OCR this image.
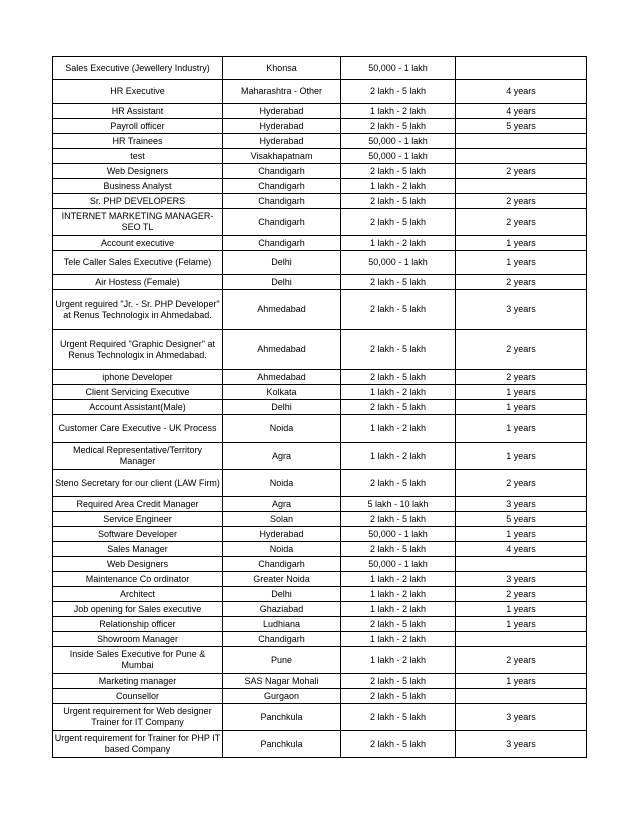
Sales Executive (Jewellery Industry)	Khonsa	50,000 - 1 lakh	
HR Executive	Maharashtra - Other	2 lakh - 5 lakh	4 years
HR Assistant	Hyderabad	1 lakh - 2 lakh	4 years
Payroll officer	Hyderabad	2 lakh - 5 lakh	5 years
HR Trainees	Hyderabad	50,000 - 1 lakh	
test	Visakhapatnam	50,000 - 1 lakh	
Web Designers	Chandigarh	2 lakh - 5 lakh	2 years
Business Analyst	Chandigarh	1 lakh - 2 lakh	
Sr. PHP DEVELOPERS	Chandigarh	2 lakh - 5 lakh	2 years
INTERNET MARKETING MANAGER-SEO TL	Chandigarh	2 lakh - 5 lakh	2 years
Account executive	Chandigarh	1 lakh - 2 lakh	1 years
Tele Caller Sales Executive (Felame)	Delhi	50,000 - 1 lakh	1 years
Air Hostess (Female)	Delhi	2 lakh - 5 lakh	2 years
Urgent reguired "Jr. - Sr. PHP Developer" at Renus Technologix in Ahmedabad.	Ahmedabad	2 lakh - 5 lakh	3 years
Urgent Required "Graphic Designer" at Renus Technologix in Ahmedabad.	Ahmedabad	2 lakh - 5 lakh	2 years
iphone Developer	Ahmedabad	2 lakh - 5 lakh	2 years
Client Servicing Executive	Kolkata	1 lakh - 2 lakh	1 years
Account Assistant(Male)	Delhi	2 lakh - 5 lakh	1 years
Customer Care Executive - UK Process	Noida	1 lakh - 2 lakh	1 years
Medical Representative/Territory Manager	Agra	1 lakh - 2 lakh	1 years
Steno Secretary for our client (LAW Firm)	Noida	2 lakh - 5 lakh	2 years
Required Area Credit Manager	Agra	5 lakh - 10 lakh	3 years
Service Engineer	Solan	2 lakh - 5 lakh	5 years
Software Developer	Hyderabad	50,000 - 1 lakh	1 years
Sales Manager	Noida	2 lakh - 5 lakh	4 years
Web Designers	Chandigarh	50,000 - 1 lakh	
Maintenance Co ordinator	Greater Noida	1 lakh - 2 lakh	3 years
Architect	Delhi	1 lakh - 2 lakh	2 years
Job opening for Sales executive	Ghaziabad	1 lakh - 2 lakh	1 years
Relationship officer	Ludhiana	2 lakh - 5 lakh	1 years
Showroom Manager	Chandigarh	1 lakh - 2 lakh	
Inside Sales Executive for Pune & Mumbai	Pune	1 lakh - 2 lakh	2 years
Marketing manager	SAS Nagar Mohali	2 lakh - 5 lakh	1 years
Counsellor	Gurgaon	2 lakh - 5 lakh	
Urgent requirement for Web designer Trainer for IT Company	Panchkula	2 lakh - 5 lakh	3 years
Urgent requirement for Trainer for PHP IT based Company	Panchkula	2 lakh - 5 lakh	3 years
